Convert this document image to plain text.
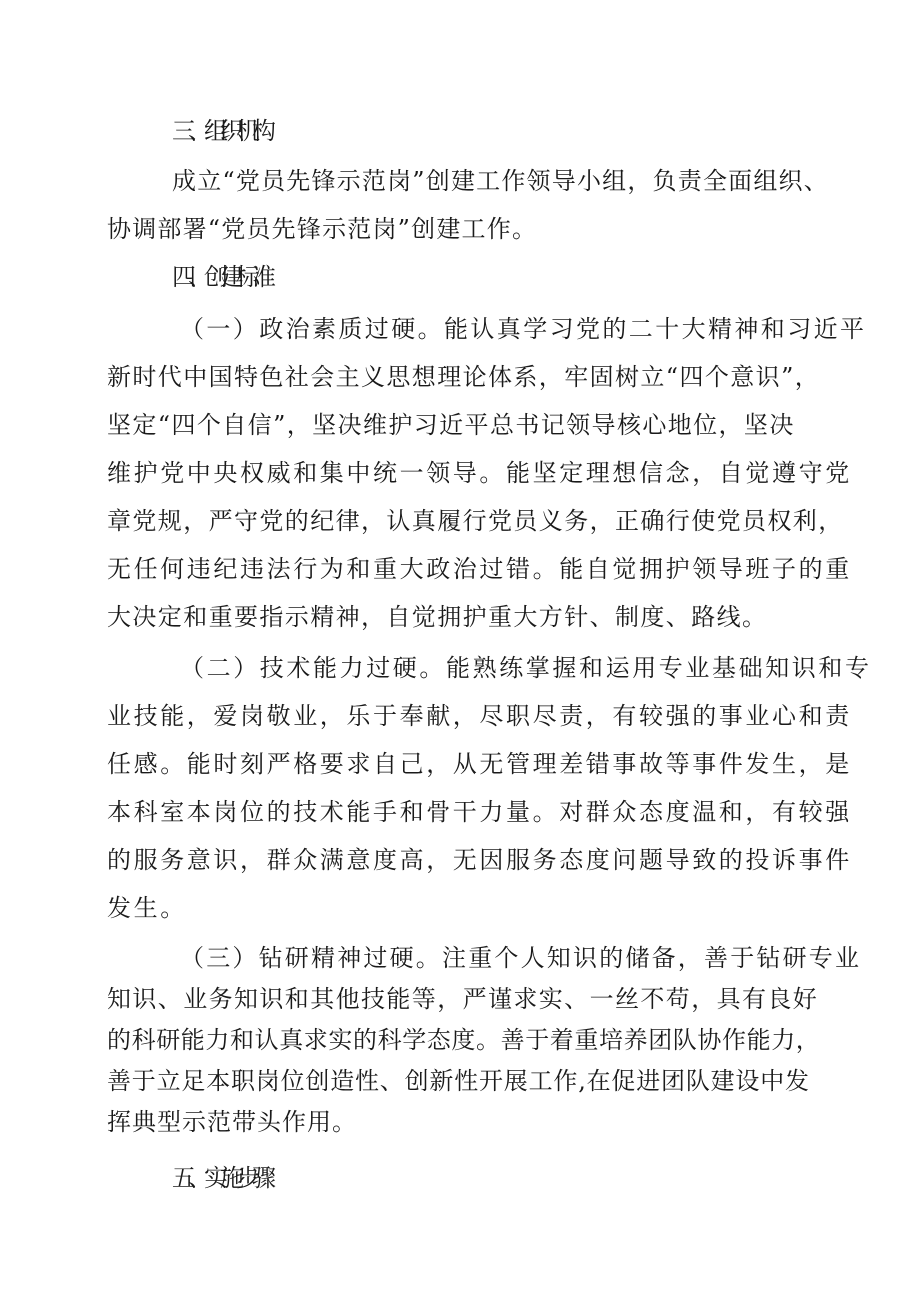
三、组织机构
成立“党员先锋示范岗”创建工作领导小组，负责全面组织、
协调部署“党员先锋示范岗”创建工作。
四、创建标准
（一）政治素质过硬。能认真学习党的二十大精神和习近平
新时代中国特色社会主义思想理论体系，牢固树立“四个意识”，
坚定“四个自信”，坚决维护习近平总书记领导核心地位，坚决
维护党中央权威和集中统一领导。能坚定理想信念，自觉遵守党
章党规，严守党的纪律，认真履行党员义务，正确行使党员权利，
无任何违纪违法行为和重大政治过错。能自觉拥护领导班子的重
大决定和重要指示精神，自觉拥护重大方针、制度、路线。
（二）技术能力过硬。能熟练掌握和运用专业基础知识和专
业技能，爱岗敬业，乐于奉献，尽职尽责，有较强的事业心和责
任感。能时刻严格要求自己，从无管理差错事故等事件发生，是
本科室本岗位的技术能手和骨干力量。对群众态度温和，有较强
的服务意识，群众满意度高，无因服务态度问题导致的投诉事件
发生。
（三）钻研精神过硬。注重个人知识的储备，善于钻研专业
知识、业务知识和其他技能等，严谨求实、一丝不苟，具有良好
的科研能力和认真求实的科学态度。善于着重培养团队协作能力，
善于立足本职岗位创造性、创新性开展工作,在促进团队建设中发
挥典型示范带头作用。
五、实施步骤
